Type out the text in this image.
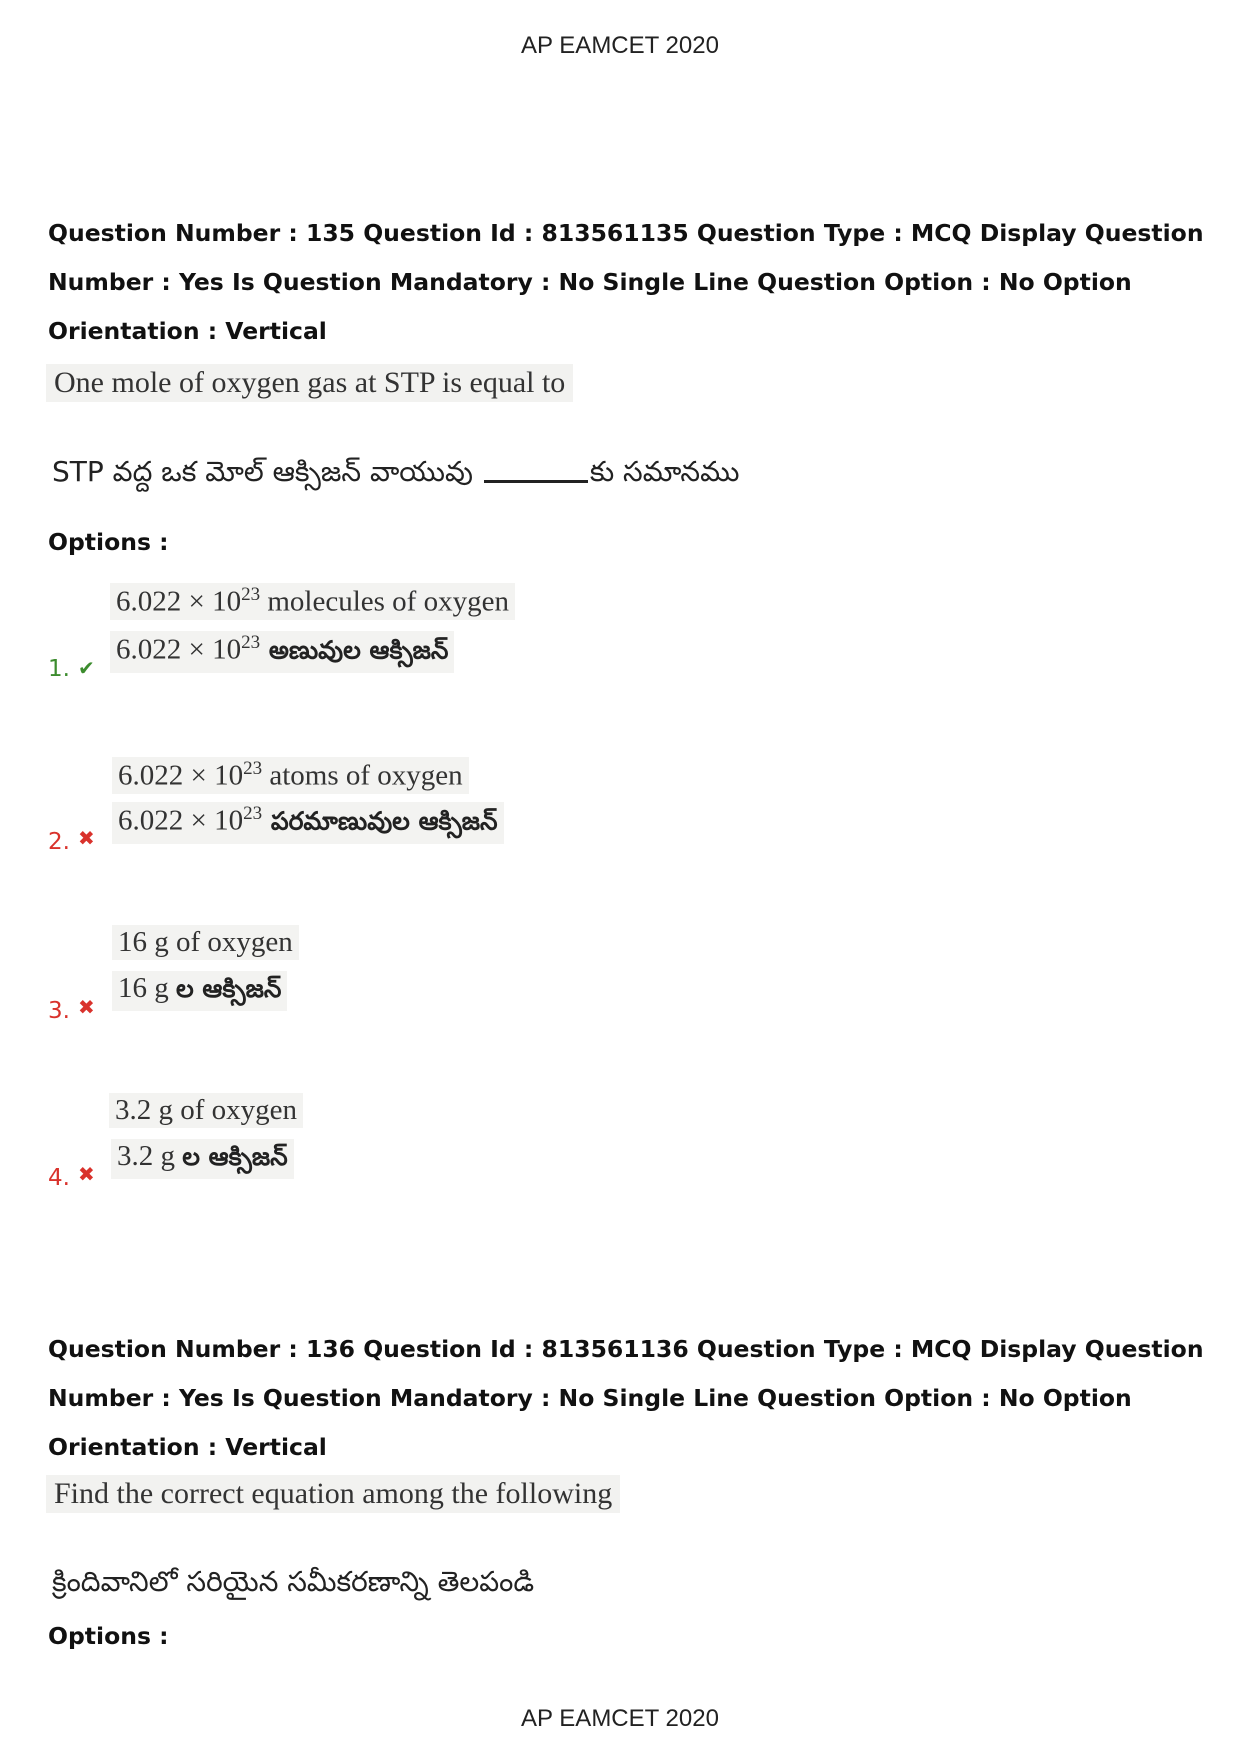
AP EAMCET 2020
Question Number : 135 Question Id : 813561135 Question Type : MCQ Display Question
Number : Yes Is Question Mandatory : No Single Line Question Option : No Option
Orientation : Vertical
One mole of oxygen gas at STP is equal to
STP వద్ద ఒక మోల్ ఆక్సిజన్ వాయువు	కు సమానము
Options :
$6.022 \times 10^{23}$ molecules of oxygen
$6.022 \times 10^{23}$ అణువుల ఆక్సిజన్
1. ✔
$6.022 \times 10^{23}$ atoms of oxygen
$6.022 \times 10^{23}$ పరమాణువుల ఆక్సిజన్
2. ✖
16 g of oxygen
16 g ల ఆక్సిజన్
3. ✖
3.2 g of oxygen
3.2 g ల ఆక్సిజన్
4. ✖
Question Number : 136 Question Id : 813561136 Question Type : MCQ Display Question
Number : Yes Is Question Mandatory : No Single Line Question Option : No Option
Orientation : Vertical
Find the correct equation among the following
క్రిందివానిలో సరియైన సమీకరణాన్ని తెలపండి
Options :
AP EAMCET 2020
